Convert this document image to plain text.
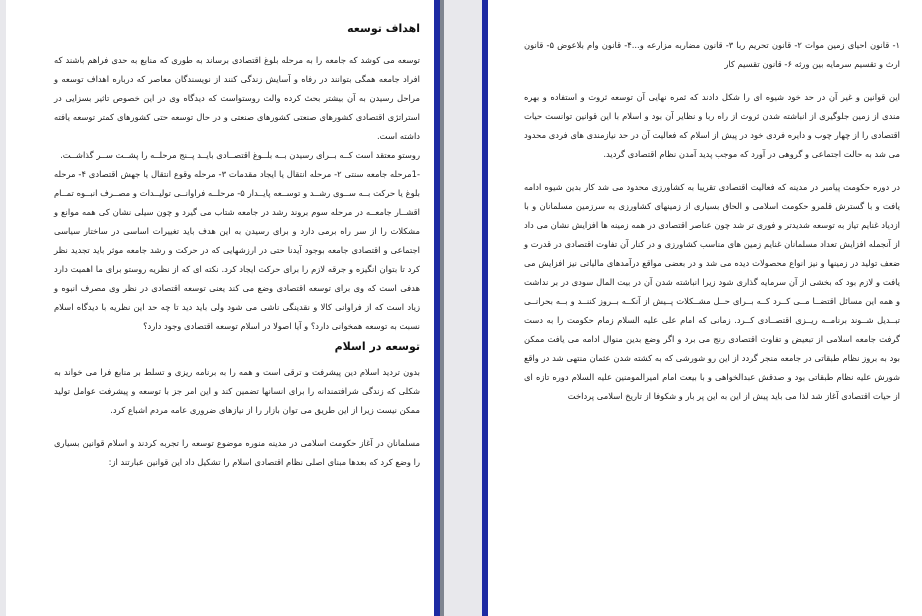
اهداف توسعه

توسعه می کوشد که جامعه را به مرحله بلوغ اقتصادی برساند به طوری که منابع به حدی فراهم باشند که افراد جامعه همگی بتوانند در رفاه و آسایش زندگی کنند از نویسندگان معاصر که درباره اهداف توسعه و مراحل رسیدن به آن بیشتر بحث کرده والت روستواست که دیدگاه وی در این خصوص تاثیر بسزایی در استراتژی اقتصادی کشورهای صنعتی کشورهای صنعتی و در حال توسعه حتی کشورهای کمتر توسعه یافته داشته است.

روستو معتقد است کــه بــرای رسیدن بــه بلــوغ اقتصــادی بایــد پــنج مرحلــه را پشــت ســر گذاشــت.

-1مرحله جامعه سنتی ۲- مرحله انتقال یا ایجاد مقدمات ۳- مرحله وقوع انتقال یا جهش اقتصادی ۴- مرحله بلوغ یا حرکت بــه ســوی رشــد و توســعه پایــدار ۵- مرحلــه فراوانــی تولیــدات و مصــرف انبــوه تمــام اقشــار جامعــه در مرحله سوم بروند رشد در جامعه شتاب می گیرد و چون سیلی نشان کی همه موانع و مشکلات را از سر راه برمی دارد و برای رسیدن به این هدف باید تغییرات اساسی در ساختار سیاسی اجتماعی و اقتصادی جامعه بوجود آیدنا حتی در ارزشهایی که در حرکت و رشد جامعه موثر باید تجدید نظر کرد تا بتوان انگیزه و جرقه لازم را برای حرکت ایجاد کرد. نکته ای که از نظریه روستو برای ما اهمیت دارد هدفی است که وی برای توسعه اقتصادی وضع می کند یعنی توسعه اقتصادی در نظر وی مصرف انبوه و زیاد است که از فراوانی کالا و نقدینگی ناشی می شود ولی باید دید تا چه حد این نظریه با دیدگاه اسلام نسبت به توسعه همخوانی دارد؟ و آیا اصولا در اسلام توسعه اقتصادی وجود دارد؟

توسعه در اسلام

بدون تردید اسلام دین پیشرفت و ترقی است و همه را به برنامه ریزی و تسلط بر منابع فرا می خواند به شکلی که زندگی شرافتمندانه را برای انسانها تضمین کند و این امر جز با توسعه و پیشرفت عوامل تولید ممکن نیست زیرا از این طریق می توان بازار را از نیازهای ضروری عامه مردم اشباع کرد.

مسلمانان در آغاز حکومت اسلامی در مدینه منوره موضوع توسعه را تجربه کردند و اسلام قوانین بسیاری را وضع کرد که بعدها مبنای اصلی نظام اقتصادی اسلام را تشکیل داد این قوانین عبارتند از:

۱- قانون احیای زمین موات ۲- قانون تحریم ربا ۳- قانون مضاربه مزارعه و...۴- قانون وام بلاعوض ۵- قانون ارث و تقسیم سرمایه بین ورثه ۶- قانون تقسیم کار

این قوانین و غیر آن در حد خود شیوه ای را شکل دادند که ثمره نهایی آن توسعه ثروت و استفاده و بهره مندی از زمین جلوگیری از انباشته شدن ثروت از راه ربا و نظایر آن بود و اسلام با این قوانین توانست حیات اقتصادی را از چهار چوب و دایره فردی خود در پیش از اسلام که فعالیت آن در حد نیازمندی های فردی محدود می شد به حالت اجتماعی و گروهی در آورد که موجب پدید آمدن نظام اقتصادی گردید.

در دوره حکومت پیامبر در مدینه که فعالیت اقتصادی تقریبا به کشاورزی محدود می شد کار بدین شیوه ادامه یافت و با گسترش قلمرو حکومت اسلامی و الحاق بسیاری از زمینهای کشاورزی به سرزمین مسلمانان و با ازدیاد غنایم تیاز به توسعه شدیدتر و فوری تر شد چون عناصر اقتصادی در همه زمینه ها افزایش نشان می داد از آنجمله افزایش تعداد مسلمانان غنایم زمین های مناسب کشاورزی و در کنار آن تفاوت اقتصادی در قدرت و ضعف تولید در زمینها و نیز انواع محصولات دیده می شد و در بعضی مواقع درآمدهای مالیاتی نیز افزایش می یافت و لازم بود که بخشی از آن سرمایه گذاری شود زیرا انباشته شدن آن در بیت المال سودی در بر نداشت و همه این مسائل اقتضــا مــی کــرد کــه بــرای حــل مشــکلات پــیش از آنکــه بــروز کننــد و بــه بحرانــی تبــدیل شــوند برنامــه ریــزی اقتصــادی کــرد. زمانی که امام علی علیه السلام زمام حکومت را به دست گرفت جامعه اسلامی از تبعیض و تفاوت اقتصادی رنج می برد و اگر وضع بدین منوال ادامه می یافت ممکن بود به بروز نظام طبقاتی در جامعه منجر گردد از این رو شورشی که به کشته شدن عثمان منتهی شد در واقع شورش علیه نظام طبقاتی بود و صدقش عبدالخواهی و با بیعت امام امیرالمومنین علیه السلام دوره تازه ای از حیات اقتصادی آغاز شد لذا می باید پیش از این به این پر بار و شکوفا از تاریخ اسلامی پرداخت
